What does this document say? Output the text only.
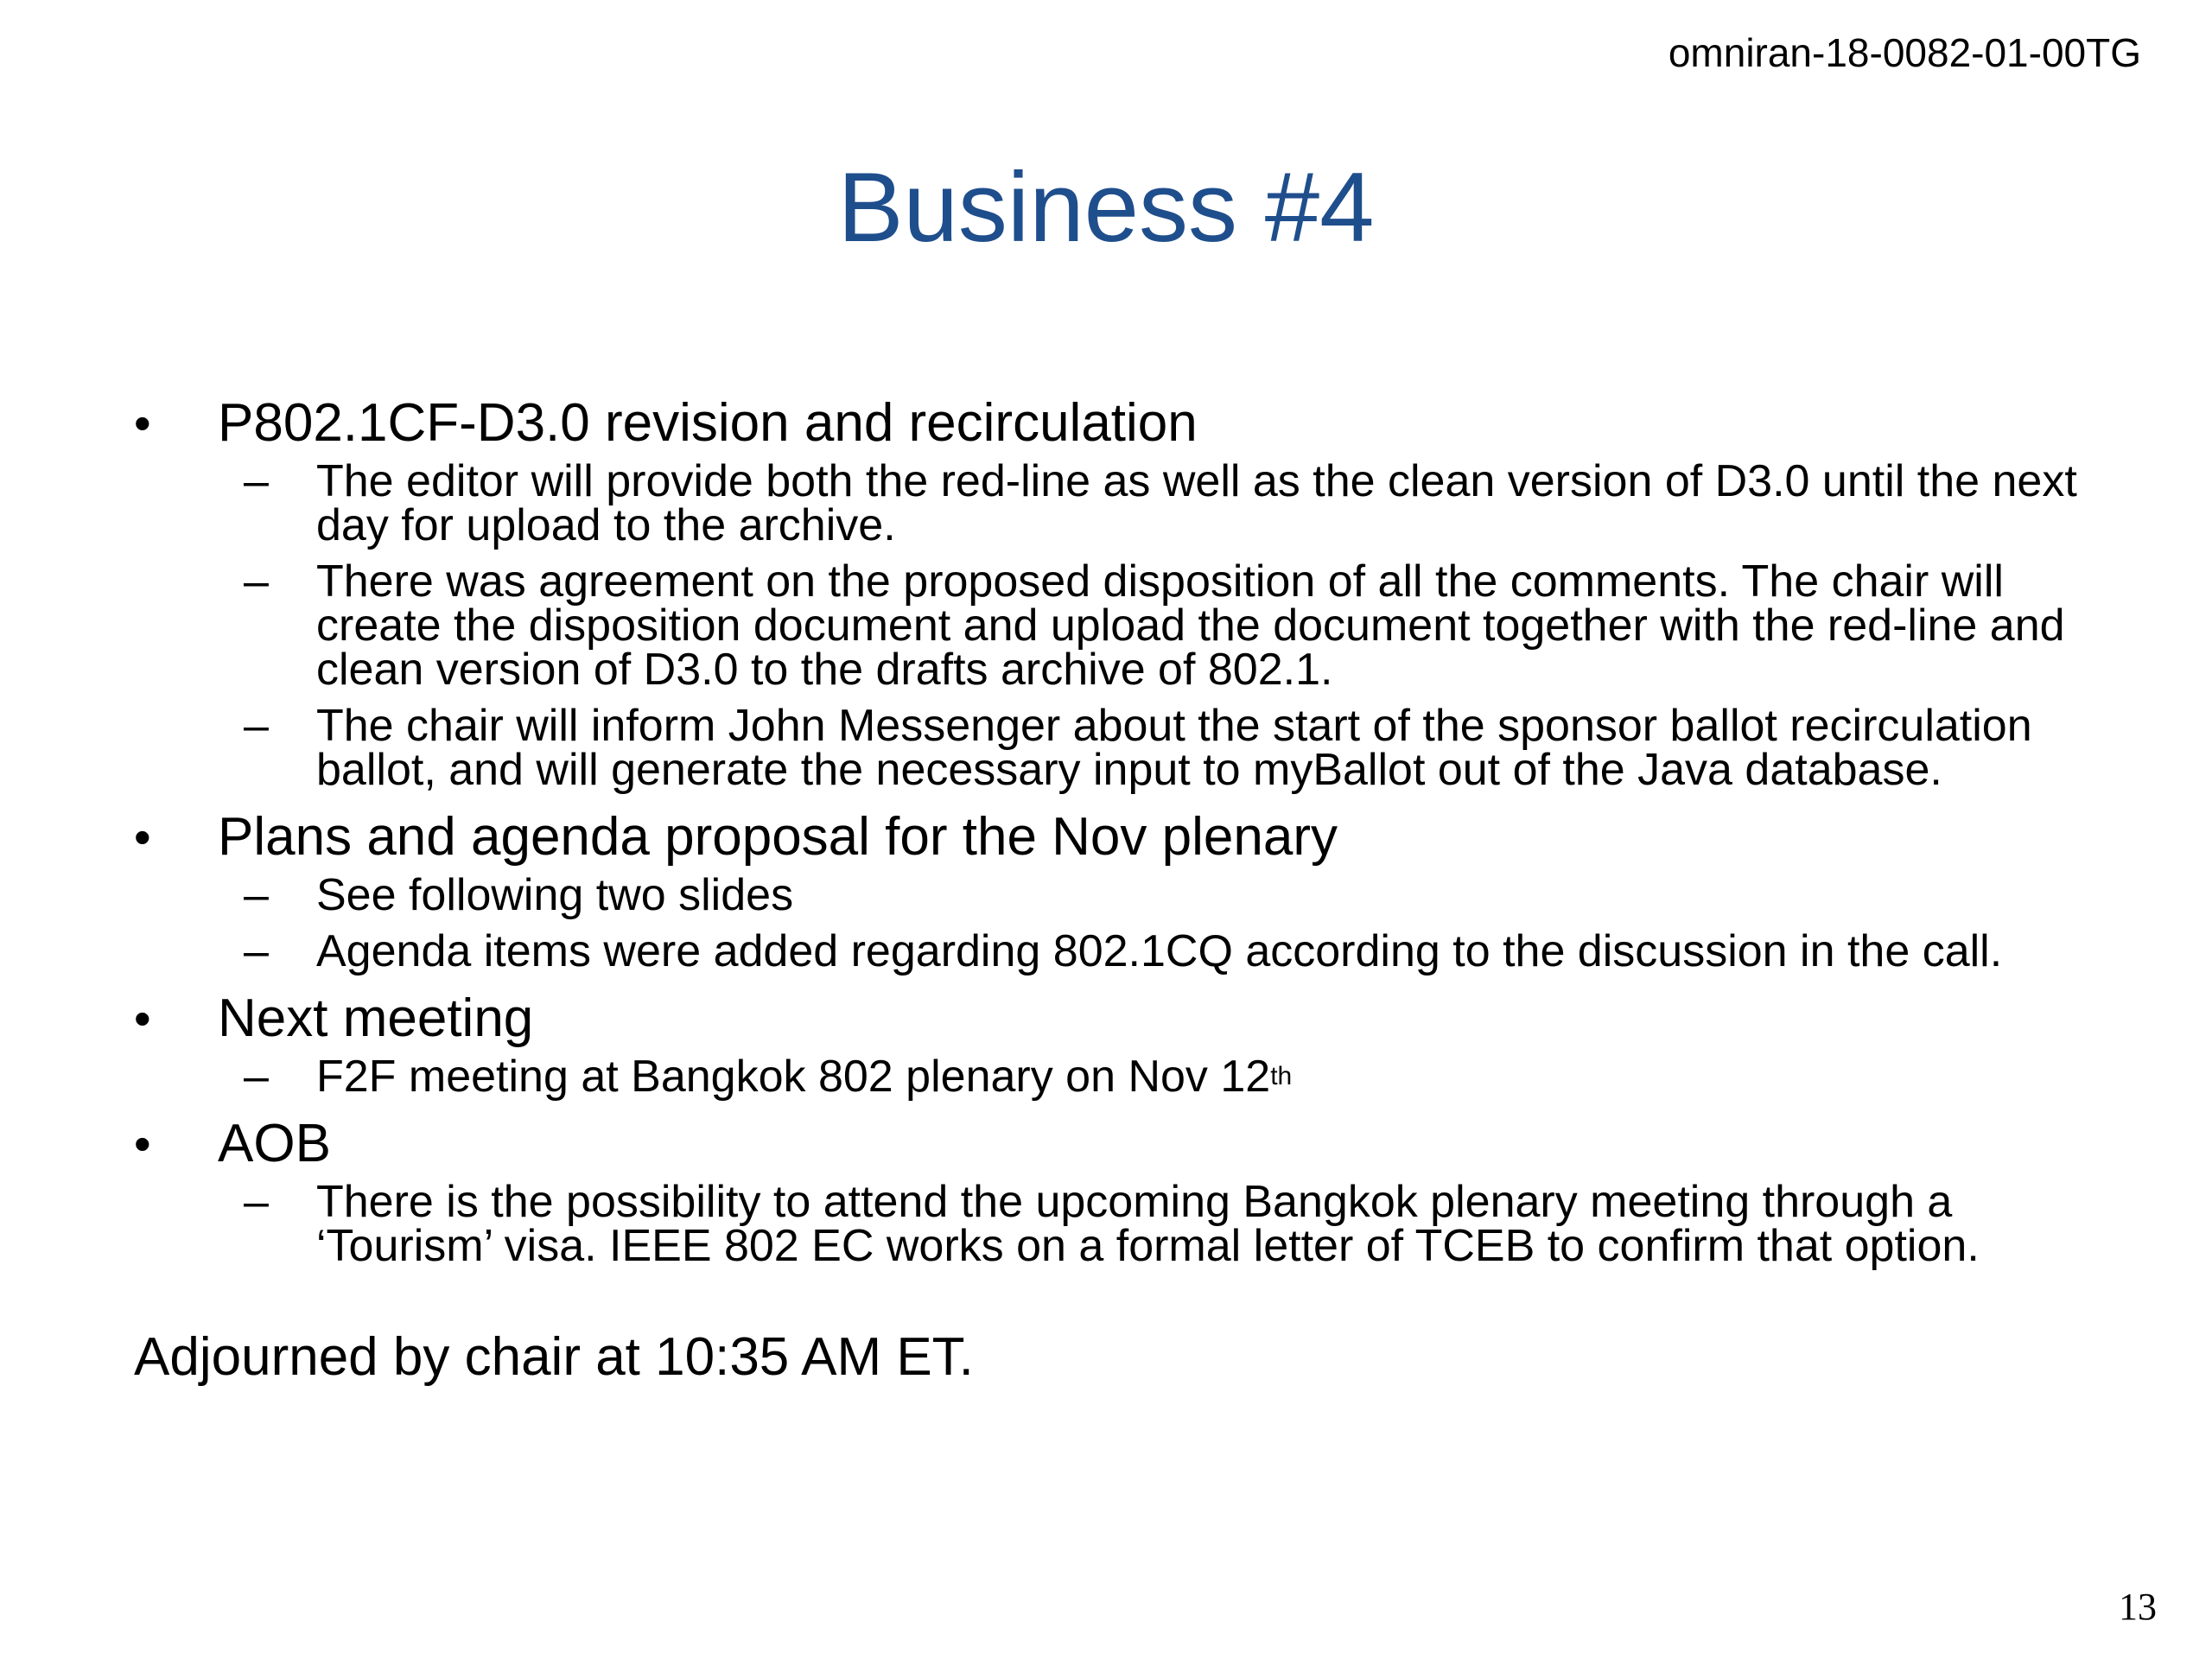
omniran-18-0082-01-00TG
Business #4
• P802.1CF-D3.0 revision and recirculation
– The editor will provide both the red-line as well as the clean version of D3.0 until the next day for upload to the archive.
– There was agreement on the proposed disposition of all the comments. The chair will create the disposition document and upload the document together with the red-line and clean version of D3.0 to the drafts archive of 802.1.
– The chair will inform John Messenger about the start of the sponsor ballot recirculation ballot, and will generate the necessary input to myBallot out of the Java database.
• Plans and agenda proposal for the Nov plenary
– See following two slides
– Agenda items were added regarding 802.1CQ according to the discussion in the call.
• Next meeting
– F2F meeting at Bangkok 802 plenary on Nov 12th
• AOB
– There is the possibility to attend the upcoming Bangkok plenary meeting through a ‘Tourism’ visa. IEEE 802 EC works on a formal letter of TCEB to confirm that option.
Adjourned by chair at 10:35 AM ET.
13
